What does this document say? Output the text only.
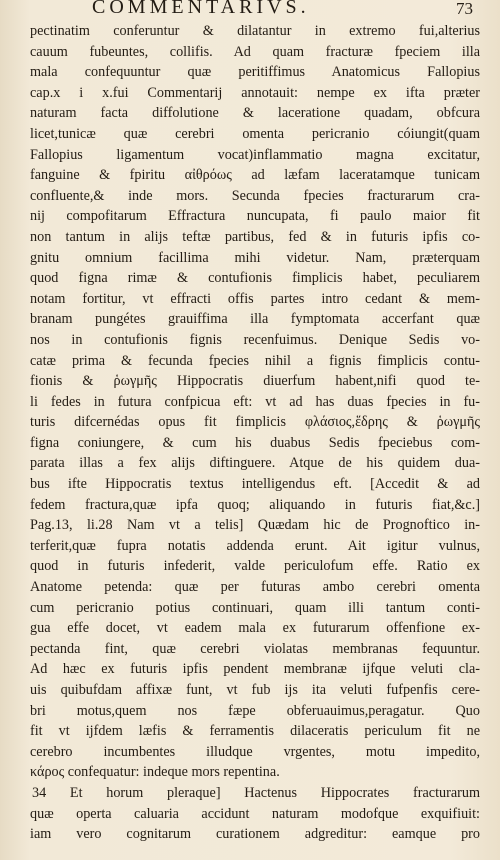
COMMENTARIVS.	73
pectinatim conferuntur & dilatantur in extremo fui,alterius
cauum fubeuntes, collifis. Ad quam fracturæ fpeciem illa
mala confequuntur quæ peritiffimus Anatomicus Fallopius
cap.x i x.fui Commentarij annotauit: nempe ex ifta præter
naturam facta diffolutione & laceratione quadam, obfcura
licet,tunicæ quæ cerebri omenta pericranio cóiungit(quam
Fallopius ligamentum vocat)inflammatio magna excitatur,
fanguine & fpiritu αἰθρόως ad læfam laceratamque tunicam
confluente,& inde mors. Secunda fpecies fracturarum cra-
nij compofitarum Effractura nuncupata, fi paulo maior fit
non tantum in alijs teftæ partibus, fed & in futuris ipfis co-
gnitu omnium facillima mihi videtur. Nam, præterquam
quod figna rimæ & contufionis fimplicis habet, peculiarem
notam fortitur, vt effracti offis partes intro cedant & mem-
branam pungétes grauiffima illa fymptomata accerfant quæ
nos in contufionis fignis recenfuimus. Denique Sedis vo-
catæ prima & fecunda fpecies nihil a fignis fimplicis contu-
fionis & ῥωγμῆς Hippocratis diuerfum habent,nifi quod te-
li fedes in futura confpicua eft: vt ad has duas fpecies in fu-
turis difcernédas opus fit fimplicis φλάσιος,ἕδρης & ῥωγμῆς
figna coniungere, & cum his duabus Sedis fpeciebus com-
parata illas a fex alijs diftinguere. Atque de his quidem dua-
bus ifte Hippocratis textus intelligendus eft. [Accedit & ad
fedem fractura,quæ ipfa quoq; aliquando in futuris fiat,&c.]
Pag.13, li.28 Nam vt a telis] Quædam hic de Prognoftico in-
terferit,quæ fupra notatis addenda erunt. Ait igitur vulnus,
quod in futuris infederit, valde periculofum effe. Ratio ex
Anatome petenda: quæ per futuras ambo cerebri omenta
cum pericranio potius continuari, quam illi tantum conti-
gua effe docet, vt eadem mala ex futurarum offenfione ex-
pectanda fint, quæ cerebri violatas membranas fequuntur.
Ad hæc ex futuris ipfis pendent membranæ ijfque veluti cla-
uis quibufdam affixæ funt, vt fub ijs ita veluti fufpenfis cere-
bri motus,quem nos fæpe obferuauimus,peragatur. Quo
fit vt ijfdem læfis & ferramentis dilaceratis periculum fit ne
cerebro incumbentes illudque vrgentes, motu impedito,
κάρος confequatur: indeque mors repentina.
34 Et horum pleraque] Hactenus Hippocrates fracturarum
quæ operta caluaria accidunt naturam modofque exquifiuit:
iam vero cognitarum curationem adgreditur: eamque pro
